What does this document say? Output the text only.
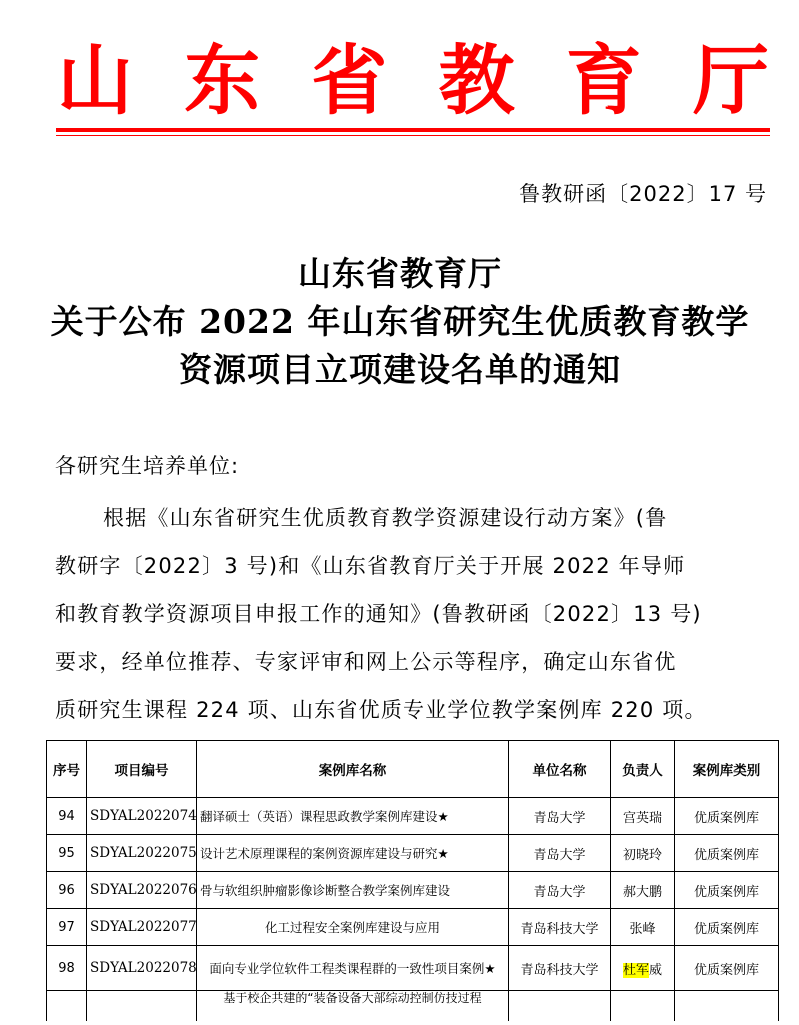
山 东 省 教 育 厅
鲁教研函〔2022〕17 号
山东省教育厅
关于公布 2022 年山东省研究生优质教育教学
资源项目立项建设名单的通知
各研究生培养单位:
根据《山东省研究生优质教育教学资源建设行动方案》(鲁
教研字〔2022〕3 号)和《山东省教育厅关于开展 2022 年导师
和教育教学资源项目申报工作的通知》(鲁教研函〔2022〕13 号)
要求，经单位推荐、专家评审和网上公示等程序，确定山东省优
质研究生课程 224 项、山东省优质专业学位教学案例库 220 项。
序号	项目编号	案例库名称	单位名称	负责人	案例库类别
94	SDYAL2022074	翻译硕士（英语）课程思政教学案例库建设★	青岛大学	宫英瑞	优质案例库
95	SDYAL2022075	设计艺术原理课程的案例资源库建设与研究★	青岛大学	初晓玲	优质案例库
96	SDYAL2022076	骨与软组织肿瘤影像诊断整合教学案例库建设	青岛大学	郝大鹏	优质案例库
97	SDYAL2022077	化工过程安全案例库建设与应用	青岛科技大学	张峰	优质案例库
98	SDYAL2022078	面向专业学位软件工程类课程群的一致性项目案例★	青岛科技大学	杜军威	优质案例库
		基于校企共建的“装备设备大部综动控制仿技过程			
